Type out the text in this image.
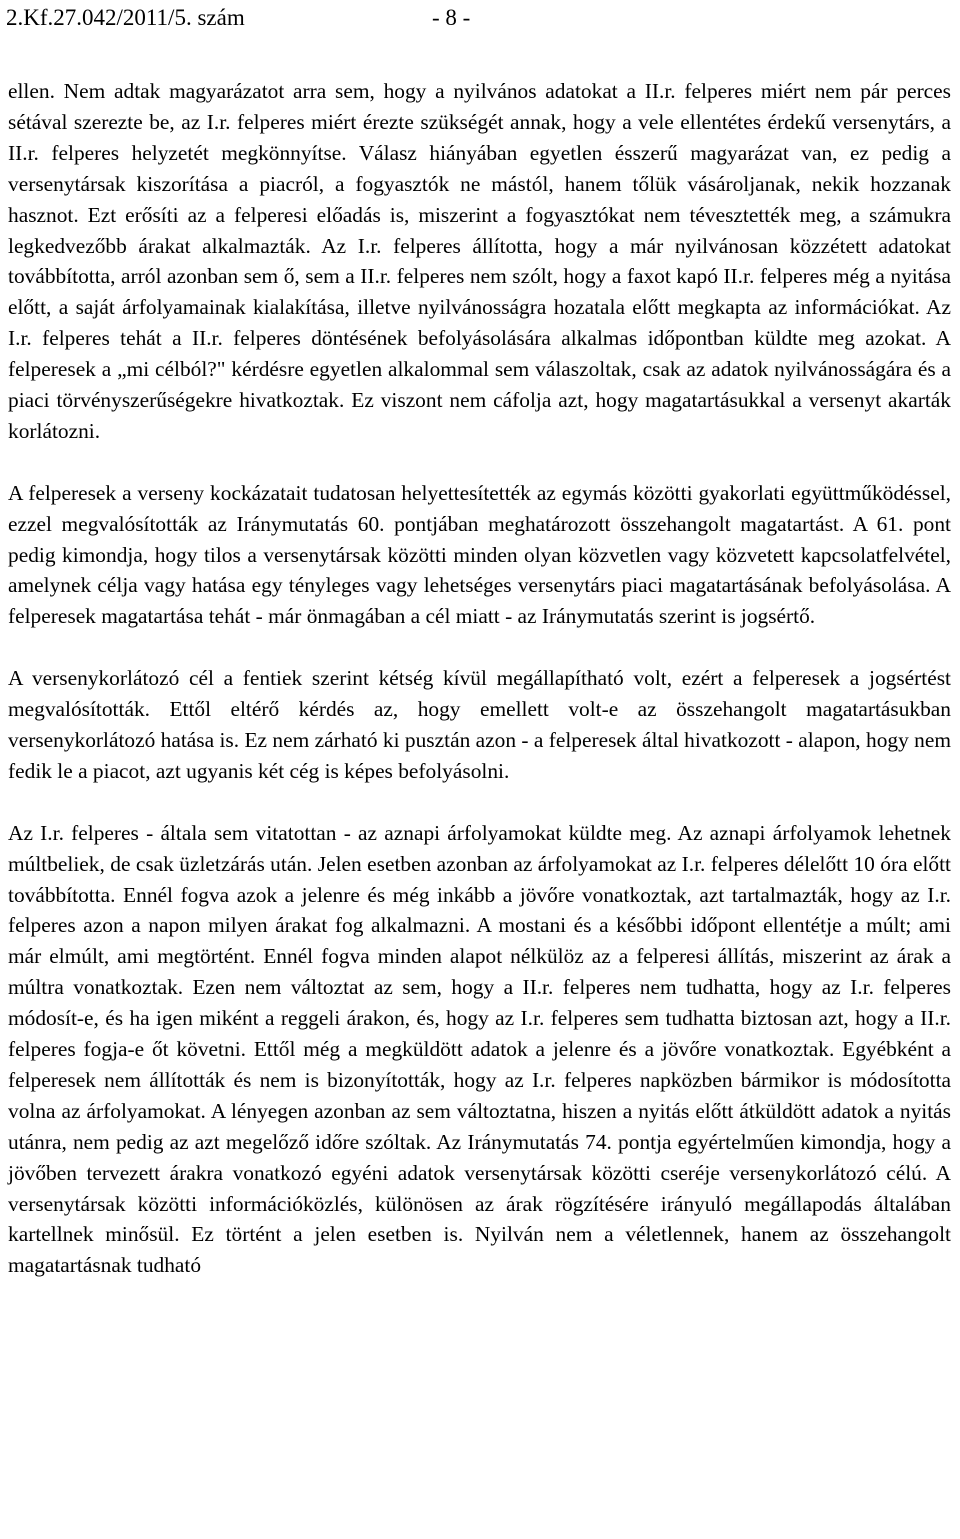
2.Kf.27.042/2011/5. szám	- 8 -

ellen. Nem adtak magyarázatot arra sem, hogy a nyilvános adatokat a II.r. felperes miért nem pár perces sétával szerezte be, az I.r. felperes miért érezte szükségét annak, hogy a vele ellentétes érdekű versenytárs, a II.r. felperes helyzetét megkönnyítse. Válasz hiányában egyetlen ésszerű magyarázat van, ez pedig a versenytársak kiszorítása a piacról, a fogyasztók ne mástól, hanem tőlük vásároljanak, nekik hozzanak hasznot. Ezt erősíti az a felperesi előadás is, miszerint a fogyasztókat nem tévesztették meg, a számukra legkedvezőbb árakat alkalmazták. Az I.r. felperes állította, hogy a már nyilvánosan közzétett adatokat továbbította, arról azonban sem ő, sem a II.r. felperes nem szólt, hogy a faxot kapó II.r. felperes még a nyitása előtt, a saját árfolyamainak kialakítása, illetve nyilvánosságra hozatala előtt megkapta az információkat. Az I.r. felperes tehát a II.r. felperes döntésének befolyásolására alkalmas időpontban küldte meg azokat. A felperesek a „mi célból?" kérdésre egyetlen alkalommal sem válaszoltak, csak az adatok nyilvánosságára és a piaci törvényszerűségekre hivatkoztak. Ez viszont nem cáfolja azt, hogy magatartásukkal a versenyt akarták korlátozni.

A felperesek a verseny kockázatait tudatosan helyettesítették az egymás közötti gyakorlati együttműködéssel, ezzel megvalósították az Iránymutatás 60. pontjában meghatározott összehangolt magatartást. A 61. pont pedig kimondja, hogy tilos a versenytársak közötti minden olyan közvetlen vagy közvetett kapcsolatfelvétel, amelynek célja vagy hatása egy tényleges vagy lehetséges versenytárs piaci magatartásának befolyásolása. A felperesek magatartása tehát - már önmagában a cél miatt - az Iránymutatás szerint is jogsértő.

A versenykorlátozó cél a fentiek szerint kétség kívül megállapítható volt, ezért a felperesek a jogsértést megvalósították. Ettől eltérő kérdés az, hogy emellett volt-e az összehangolt magatartásukban versenykorlátozó hatása is. Ez nem zárható ki pusztán azon - a felperesek által hivatkozott - alapon, hogy nem fedik le a piacot, azt ugyanis két cég is képes befolyásolni.

Az I.r. felperes - általa sem vitatottan - az aznapi árfolyamokat küldte meg. Az aznapi árfolyamok lehetnek múltbeliek, de csak üzletzárás után. Jelen esetben azonban az árfolyamokat az I.r. felperes délelőtt 10 óra előtt továbbította. Ennél fogva azok a jelenre és még inkább a jövőre vonatkoztak, azt tartalmazták, hogy az I.r. felperes azon a napon milyen árakat fog alkalmazni. A mostani és a későbbi időpont ellentétje a múlt; ami már elmúlt, ami megtörtént. Ennél fogva minden alapot nélkülöz az a felperesi állítás, miszerint az árak a múltra vonatkoztak. Ezen nem változtat az sem, hogy a II.r. felperes nem tudhatta, hogy az I.r. felperes módosít-e, és ha igen miként a reggeli árakon, és, hogy az I.r. felperes sem tudhatta biztosan azt, hogy a II.r. felperes fogja-e őt követni. Ettől még a megküldött adatok a jelenre és a jövőre vonatkoztak. Egyébként a felperesek nem állították és nem is bizonyították, hogy az I.r. felperes napközben bármikor is módosította volna az árfolyamokat. A lényegen azonban az sem változtatna, hiszen a nyitás előtt átküldött adatok a nyitás utánra, nem pedig az azt megelőző időre szóltak. Az Iránymutatás 74. pontja egyértelműen kimondja, hogy a jövőben tervezett árakra vonatkozó egyéni adatok versenytársak közötti cseréje versenykorlátozó célú. A versenytársak közötti információközlés, különösen az árak rögzítésére irányuló megállapodás általában kartellnek minősül. Ez történt a jelen esetben is. Nyilván nem a véletlennek, hanem az összehangolt magatartásnak tudható
